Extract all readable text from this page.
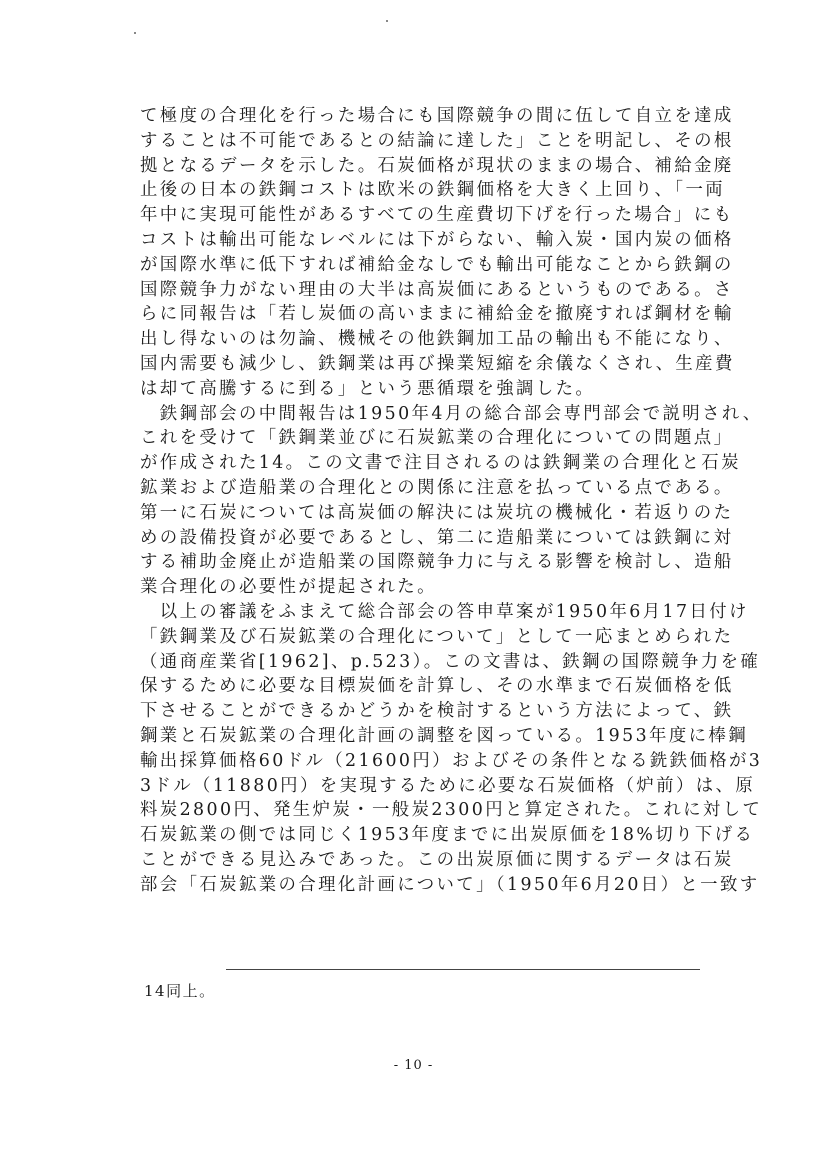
て極度の合理化を行った場合にも国際競争の間に伍して自立を達成
することは不可能であるとの結論に達した」ことを明記し、その根
拠となるデータを示した。石炭価格が現状のままの場合、補給金廃
止後の日本の鉄鋼コストは欧米の鉄鋼価格を大きく上回り、「一両
年中に実現可能性があるすべての生産費切下げを行った場合」にも
コストは輸出可能なレベルには下がらない、輸入炭・国内炭の価格
が国際水準に低下すれば補給金なしでも輸出可能なことから鉄鋼の
国際競争力がない理由の大半は高炭価にあるというものである。さ
らに同報告は「若し炭価の高いままに補給金を撤廃すれば鋼材を輸
出し得ないのは勿論、機械その他鉄鋼加工品の輸出も不能になり、
国内需要も減少し、鉄鋼業は再び操業短縮を余儀なくされ、生産費
は却て高騰するに到る」という悪循環を強調した。
　鉄鋼部会の中間報告は1950年4月の総合部会専門部会で説明され、
これを受けて「鉄鋼業並びに石炭鉱業の合理化についての問題点」
が作成された14。この文書で注目されるのは鉄鋼業の合理化と石炭
鉱業および造船業の合理化との関係に注意を払っている点である。
第一に石炭については高炭価の解決には炭坑の機械化・若返りのた
めの設備投資が必要であるとし、第二に造船業については鉄鋼に対
する補助金廃止が造船業の国際競争力に与える影響を検討し、造船
業合理化の必要性が提起された。
　以上の審議をふまえて総合部会の答申草案が1950年6月17日付け
「鉄鋼業及び石炭鉱業の合理化について」として一応まとめられた
（通商産業省[1962]、p.523）。この文書は、鉄鋼の国際競争力を確
保するために必要な目標炭価を計算し、その水準まで石炭価格を低
下させることができるかどうかを検討するという方法によって、鉄
鋼業と石炭鉱業の合理化計画の調整を図っている。1953年度に棒鋼
輸出採算価格60ドル（21600円）およびその条件となる銑鉄価格が3
3ドル（11880円）を実現するために必要な石炭価格（炉前）は、原
料炭2800円、発生炉炭・一般炭2300円と算定された。これに対して
石炭鉱業の側では同じく1953年度までに出炭原価を18%切り下げる
ことができる見込みであった。この出炭原価に関するデータは石炭
部会「石炭鉱業の合理化計画について」（1950年6月20日）と一致す
14同上。
- 10 -
